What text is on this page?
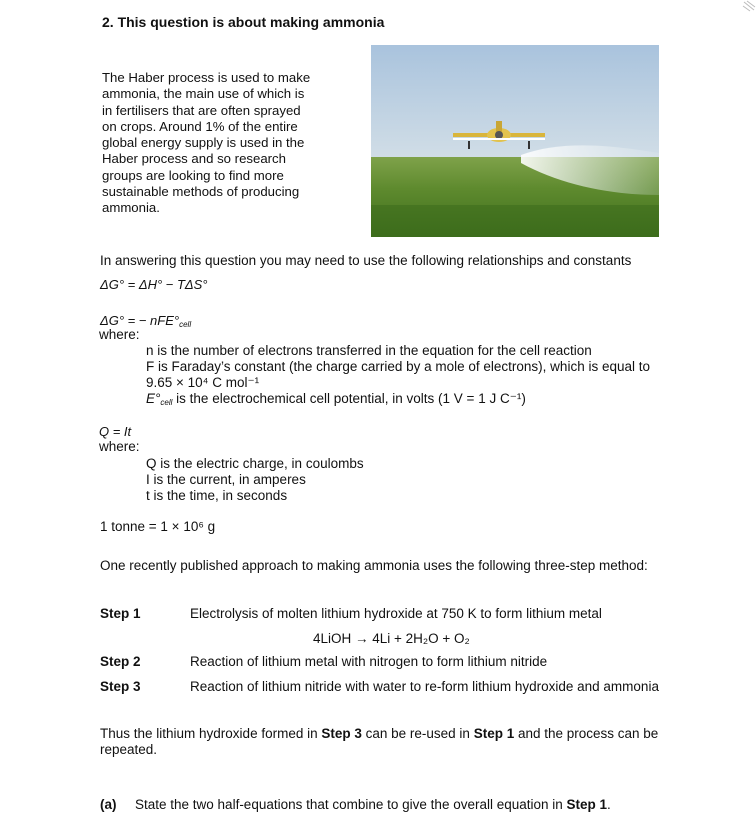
2. This question is about making ammonia
The Haber process is used to make
ammonia, the main use of which is
in fertilisers that are often sprayed
on crops. Around 1% of the entire
global energy supply is used in the
Haber process and so research
groups are looking to find more
sustainable methods of producing
ammonia.
In answering this question you may need to use the following relationships and constants
ΔG° = ΔH° − TΔS°
ΔG° = − nFE°cell
where:
n is the number of electrons transferred in the equation for the cell reaction
F is Faraday’s constant (the charge carried by a mole of electrons), which is equal to
9.65 × 10⁴ C mol⁻¹
E°cell is the electrochemical cell potential, in volts (1 V = 1 J C⁻¹)
Q = It
where:
Q is the electric charge, in coulombs
I is the current, in amperes
t is the time, in seconds
1 tonne = 1 × 10⁶ g
One recently published approach to making ammonia uses the following three-step method:
Step 1	Electrolysis of molten lithium hydroxide at 750 K to form lithium metal
4LiOH → 4Li + 2H₂O + O₂
Step 2	Reaction of lithium metal with nitrogen to form lithium nitride
Step 3	Reaction of lithium nitride with water to re-form lithium hydroxide and ammonia
Thus the lithium hydroxide formed in Step 3 can be re-used in Step 1 and the process can be
repeated.
(a) State the two half-equations that combine to give the overall equation in Step 1.
